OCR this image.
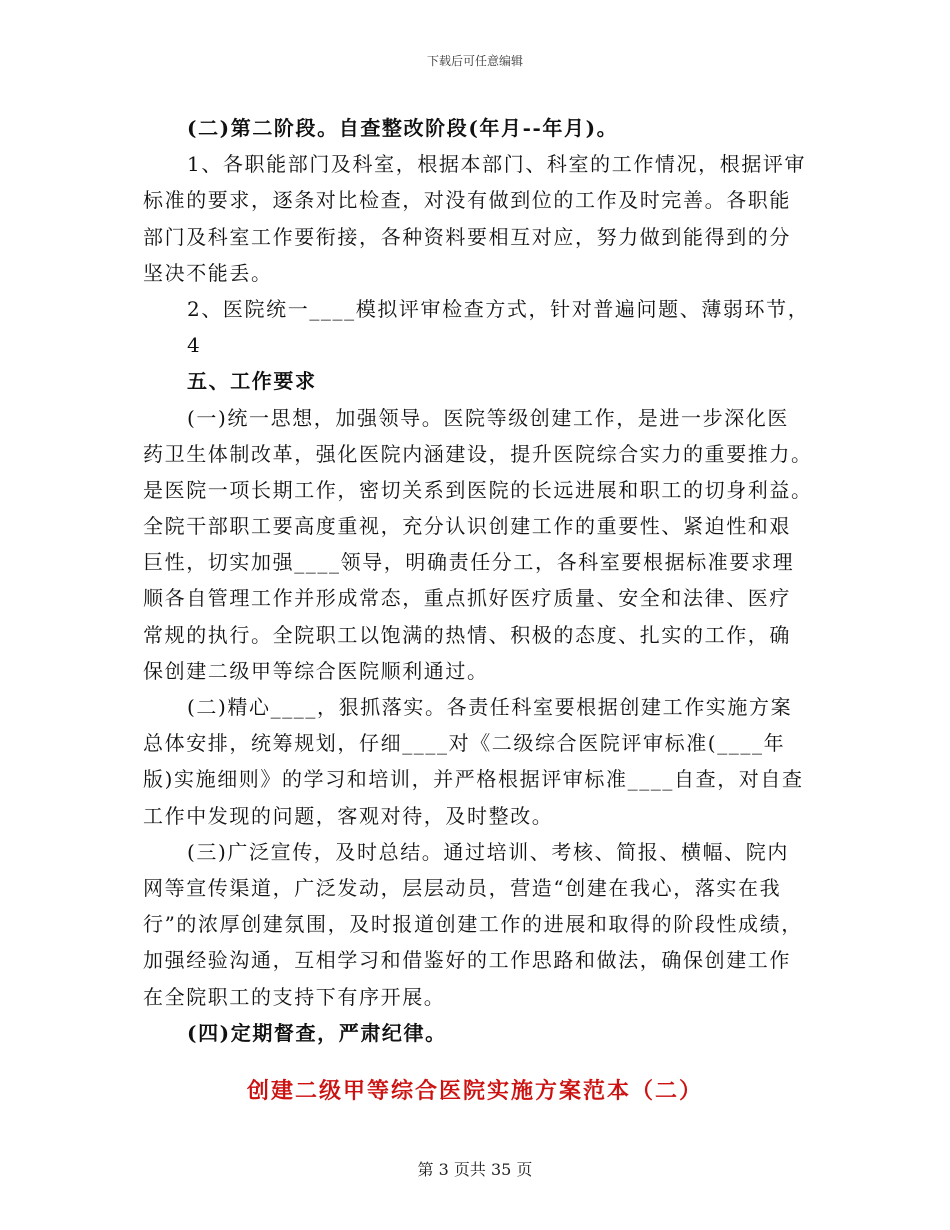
下载后可任意编辑
(二)第二阶段。自查整改阶段(年月--年月)。
1、各职能部门及科室，根据本部门、科室的工作情况，根据评审
标准的要求，逐条对比检查，对没有做到位的工作及时完善。各职能
部门及科室工作要衔接，各种资料要相互对应，努力做到能得到的分
坚决不能丢。
2、医院统一____模拟评审检查方式，针对普遍问题、薄弱环节，
4
五、工作要求
(一)统一思想，加强领导。医院等级创建工作，是进一步深化医
药卫生体制改革，强化医院内涵建设，提升医院综合实力的重要推力。
是医院一项长期工作，密切关系到医院的长远进展和职工的切身利益。
全院干部职工要高度重视，充分认识创建工作的重要性、紧迫性和艰
巨性，切实加强____领导，明确责任分工，各科室要根据标准要求理
顺各自管理工作并形成常态，重点抓好医疗质量、安全和法律、医疗
常规的执行。全院职工以饱满的热情、积极的态度、扎实的工作，确
保创建二级甲等综合医院顺利通过。
(二)精心____，狠抓落实。各责任科室要根据创建工作实施方案
总体安排，统筹规划，仔细____对《二级综合医院评审标准(____年
版)实施细则》的学习和培训，并严格根据评审标准____自查，对自查
工作中发现的问题，客观对待，及时整改。
(三)广泛宣传，及时总结。通过培训、考核、简报、横幅、院内
网等宣传渠道，广泛发动，层层动员，营造“创建在我心，落实在我
行”的浓厚创建氛围，及时报道创建工作的进展和取得的阶段性成绩，
加强经验沟通，互相学习和借鉴好的工作思路和做法，确保创建工作
在全院职工的支持下有序开展。
(四)定期督查，严肃纪律。
创建二级甲等综合医院实施方案范本（二）
第 3 页共 35 页
